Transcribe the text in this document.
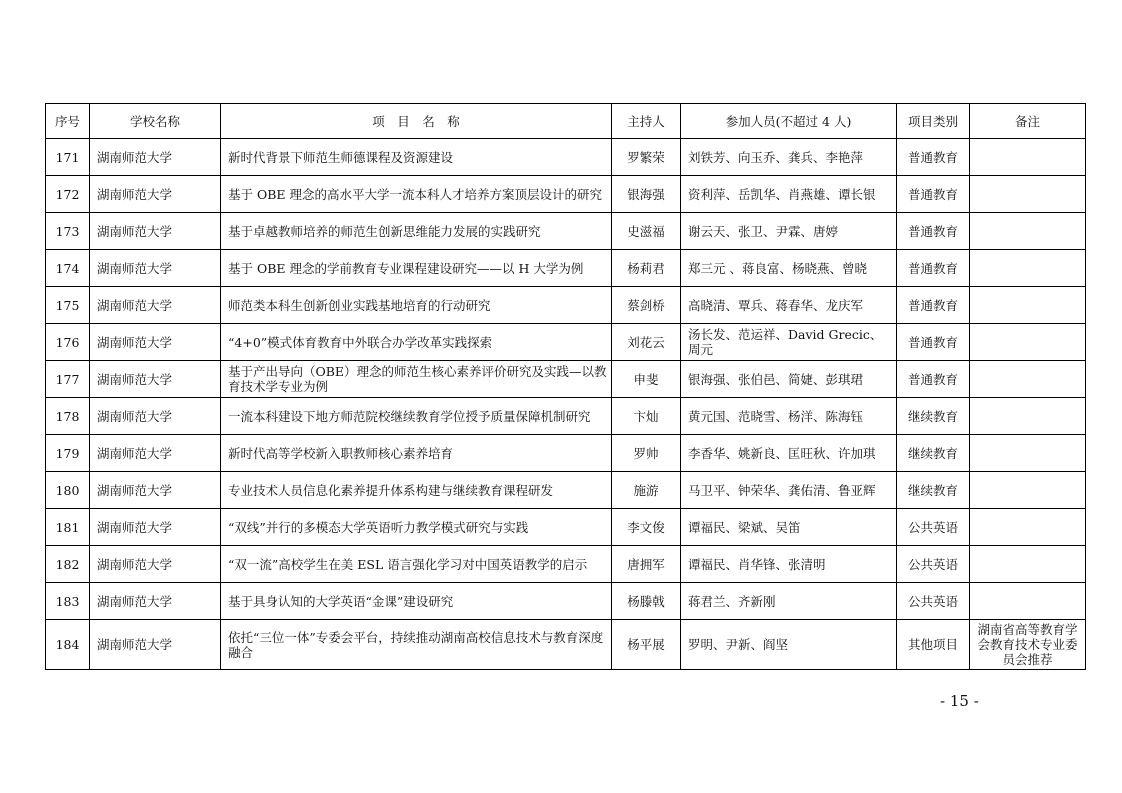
序号	学校名称	项　目　名　称	主持人	参加人员(不超过 4 人)	项目类别	备注
171	湖南师范大学	新时代背景下师范生师德课程及资源建设	罗繁荣	刘铁芳、向玉乔、龚兵、李艳萍	普通教育	
172	湖南师范大学	基于 OBE 理念的高水平大学一流本科人才培养方案顶层设计的研究	银海强	资利萍、岳凯华、肖燕雄、谭长银	普通教育	
173	湖南师范大学	基于卓越教师培养的师范生创新思维能力发展的实践研究	史滋福	谢云天、张卫、尹霖、唐婷	普通教育	
174	湖南师范大学	基于 OBE 理念的学前教育专业课程建设研究——以 H 大学为例	杨莉君	郑三元 、蒋良富、杨晓燕、曾晓	普通教育	
175	湖南师范大学	师范类本科生创新创业实践基地培育的行动研究	蔡剑桥	高晓清、覃兵、蒋春华、龙庆军	普通教育	
176	湖南师范大学	“4+0”模式体育教育中外联合办学改革实践探索	刘花云	汤长发、范运祥、David Grecic、周元	普通教育	
177	湖南师范大学	基于产出导向（OBE）理念的师范生核心素养评价研究及实践—以教育技术学专业为例	申斐	银海强、张伯邑、简婕、彭琪珺	普通教育	
178	湖南师范大学	一流本科建设下地方师范院校继续教育学位授予质量保障机制研究	卞灿	黄元国、范晓雪、杨洋、陈海钰	继续教育	
179	湖南师范大学	新时代高等学校新入职教师核心素养培育	罗帅	李香华、姚新良、匡旺秋、许加琪	继续教育	
180	湖南师范大学	专业技术人员信息化素养提升体系构建与继续教育课程研发	施游	马卫平、钟荣华、龚佑清、鲁亚辉	继续教育	
181	湖南师范大学	“双线”并行的多模态大学英语听力教学模式研究与实践	李文俊	谭福民、梁斌、吴笛	公共英语	
182	湖南师范大学	“双一流”高校学生在美 ESL 语言强化学习对中国英语教学的启示	唐拥军	谭福民、肖华锋、张清明	公共英语	
183	湖南师范大学	基于具身认知的大学英语“金课”建设研究	杨滕戟	蒋君兰、齐新刚	公共英语	
184	湖南师范大学	依托“三位一体”专委会平台，持续推动湖南高校信息技术与教育深度融合	杨平展	罗明、尹新、阎坚	其他项目	湖南省高等教育学会教育技术专业委员会推荐
- 15 -
